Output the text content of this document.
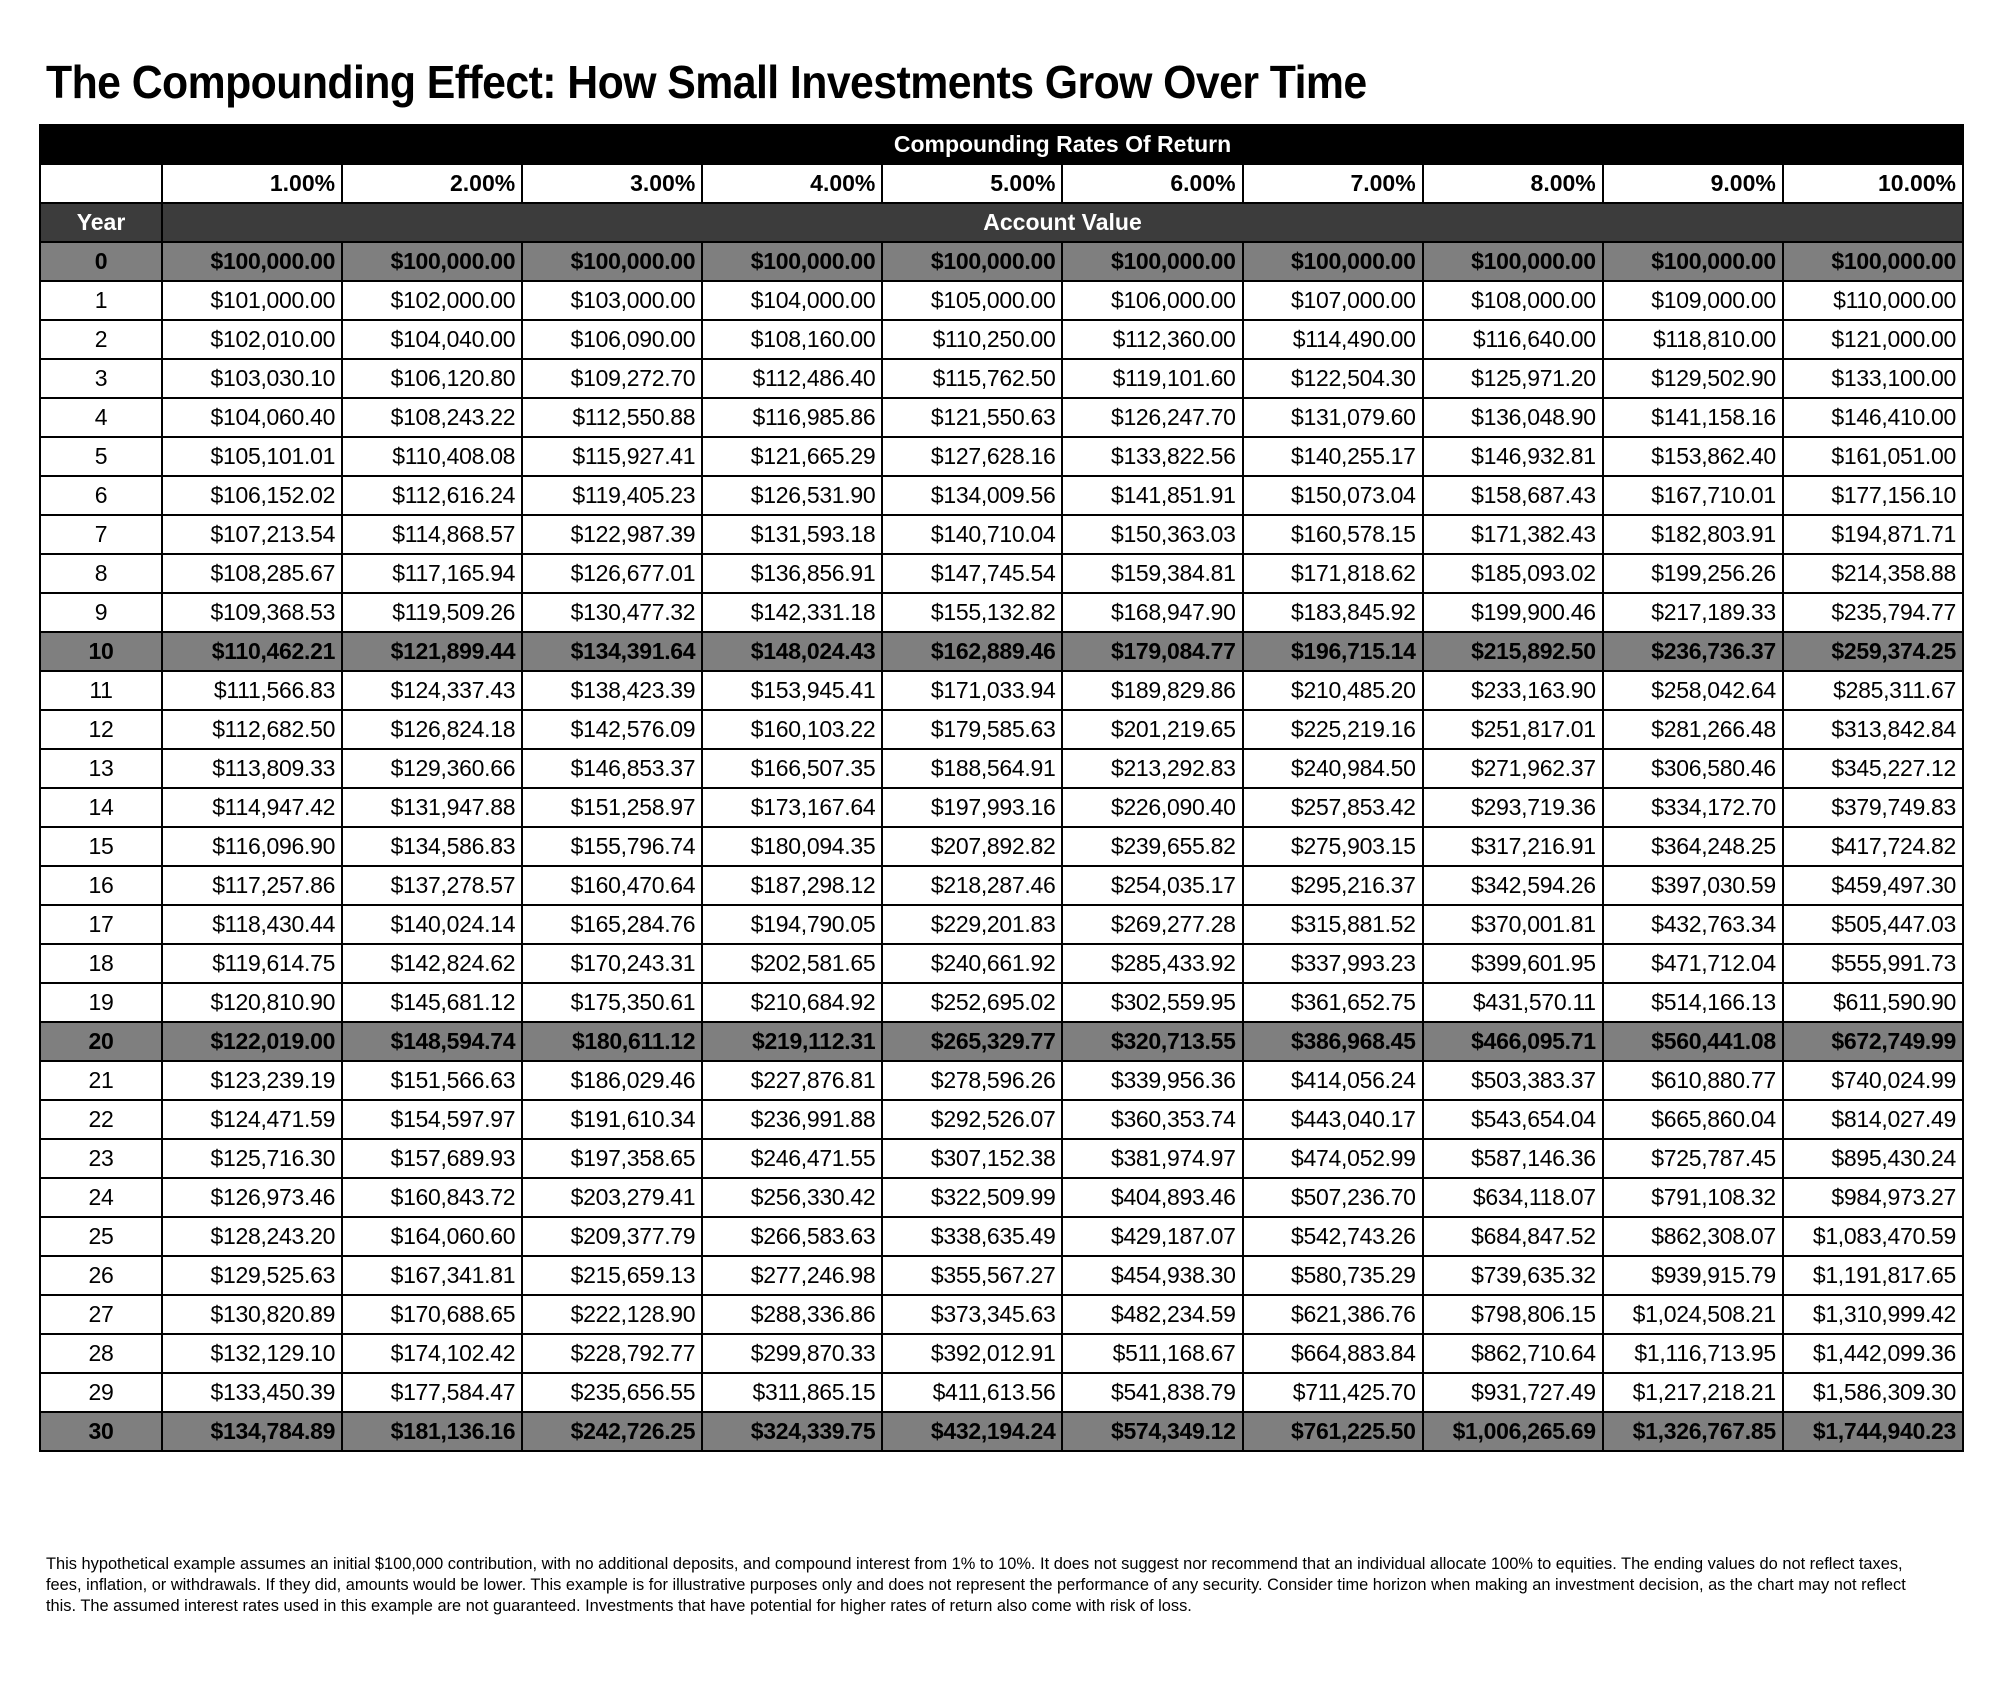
The Compounding Effect: How Small Investments Grow Over Time
	Compounding Rates Of Return									
	1.00%	2.00%	3.00%	4.00%	5.00%	6.00%	7.00%	8.00%	9.00%	10.00%
Year	Account Value									
0	$100,000.00	$100,000.00	$100,000.00	$100,000.00	$100,000.00	$100,000.00	$100,000.00	$100,000.00	$100,000.00	$100,000.00
1	$101,000.00	$102,000.00	$103,000.00	$104,000.00	$105,000.00	$106,000.00	$107,000.00	$108,000.00	$109,000.00	$110,000.00
2	$102,010.00	$104,040.00	$106,090.00	$108,160.00	$110,250.00	$112,360.00	$114,490.00	$116,640.00	$118,810.00	$121,000.00
3	$103,030.10	$106,120.80	$109,272.70	$112,486.40	$115,762.50	$119,101.60	$122,504.30	$125,971.20	$129,502.90	$133,100.00
4	$104,060.40	$108,243.22	$112,550.88	$116,985.86	$121,550.63	$126,247.70	$131,079.60	$136,048.90	$141,158.16	$146,410.00
5	$105,101.01	$110,408.08	$115,927.41	$121,665.29	$127,628.16	$133,822.56	$140,255.17	$146,932.81	$153,862.40	$161,051.00
6	$106,152.02	$112,616.24	$119,405.23	$126,531.90	$134,009.56	$141,851.91	$150,073.04	$158,687.43	$167,710.01	$177,156.10
7	$107,213.54	$114,868.57	$122,987.39	$131,593.18	$140,710.04	$150,363.03	$160,578.15	$171,382.43	$182,803.91	$194,871.71
8	$108,285.67	$117,165.94	$126,677.01	$136,856.91	$147,745.54	$159,384.81	$171,818.62	$185,093.02	$199,256.26	$214,358.88
9	$109,368.53	$119,509.26	$130,477.32	$142,331.18	$155,132.82	$168,947.90	$183,845.92	$199,900.46	$217,189.33	$235,794.77
10	$110,462.21	$121,899.44	$134,391.64	$148,024.43	$162,889.46	$179,084.77	$196,715.14	$215,892.50	$236,736.37	$259,374.25
11	$111,566.83	$124,337.43	$138,423.39	$153,945.41	$171,033.94	$189,829.86	$210,485.20	$233,163.90	$258,042.64	$285,311.67
12	$112,682.50	$126,824.18	$142,576.09	$160,103.22	$179,585.63	$201,219.65	$225,219.16	$251,817.01	$281,266.48	$313,842.84
13	$113,809.33	$129,360.66	$146,853.37	$166,507.35	$188,564.91	$213,292.83	$240,984.50	$271,962.37	$306,580.46	$345,227.12
14	$114,947.42	$131,947.88	$151,258.97	$173,167.64	$197,993.16	$226,090.40	$257,853.42	$293,719.36	$334,172.70	$379,749.83
15	$116,096.90	$134,586.83	$155,796.74	$180,094.35	$207,892.82	$239,655.82	$275,903.15	$317,216.91	$364,248.25	$417,724.82
16	$117,257.86	$137,278.57	$160,470.64	$187,298.12	$218,287.46	$254,035.17	$295,216.37	$342,594.26	$397,030.59	$459,497.30
17	$118,430.44	$140,024.14	$165,284.76	$194,790.05	$229,201.83	$269,277.28	$315,881.52	$370,001.81	$432,763.34	$505,447.03
18	$119,614.75	$142,824.62	$170,243.31	$202,581.65	$240,661.92	$285,433.92	$337,993.23	$399,601.95	$471,712.04	$555,991.73
19	$120,810.90	$145,681.12	$175,350.61	$210,684.92	$252,695.02	$302,559.95	$361,652.75	$431,570.11	$514,166.13	$611,590.90
20	$122,019.00	$148,594.74	$180,611.12	$219,112.31	$265,329.77	$320,713.55	$386,968.45	$466,095.71	$560,441.08	$672,749.99
21	$123,239.19	$151,566.63	$186,029.46	$227,876.81	$278,596.26	$339,956.36	$414,056.24	$503,383.37	$610,880.77	$740,024.99
22	$124,471.59	$154,597.97	$191,610.34	$236,991.88	$292,526.07	$360,353.74	$443,040.17	$543,654.04	$665,860.04	$814,027.49
23	$125,716.30	$157,689.93	$197,358.65	$246,471.55	$307,152.38	$381,974.97	$474,052.99	$587,146.36	$725,787.45	$895,430.24
24	$126,973.46	$160,843.72	$203,279.41	$256,330.42	$322,509.99	$404,893.46	$507,236.70	$634,118.07	$791,108.32	$984,973.27
25	$128,243.20	$164,060.60	$209,377.79	$266,583.63	$338,635.49	$429,187.07	$542,743.26	$684,847.52	$862,308.07	$1,083,470.59
26	$129,525.63	$167,341.81	$215,659.13	$277,246.98	$355,567.27	$454,938.30	$580,735.29	$739,635.32	$939,915.79	$1,191,817.65
27	$130,820.89	$170,688.65	$222,128.90	$288,336.86	$373,345.63	$482,234.59	$621,386.76	$798,806.15	$1,024,508.21	$1,310,999.42
28	$132,129.10	$174,102.42	$228,792.77	$299,870.33	$392,012.91	$511,168.67	$664,883.84	$862,710.64	$1,116,713.95	$1,442,099.36
29	$133,450.39	$177,584.47	$235,656.55	$311,865.15	$411,613.56	$541,838.79	$711,425.70	$931,727.49	$1,217,218.21	$1,586,309.30
30	$134,784.89	$181,136.16	$242,726.25	$324,339.75	$432,194.24	$574,349.12	$761,225.50	$1,006,265.69	$1,326,767.85	$1,744,940.23

This hypothetical example assumes an initial $100,000 contribution, with no additional deposits, and compound interest from 1% to 10%. It does not suggest nor recommend that an individual allocate 100% to equities. The ending values do not reflect taxes, fees, inflation, or withdrawals. If they did, amounts would be lower. This example is for illustrative purposes only and does not represent the performance of any security. Consider time horizon when making an investment decision, as the chart may not reflect this. The assumed interest rates used in this example are not guaranteed. Investments that have potential for higher rates of return also come with risk of loss.
